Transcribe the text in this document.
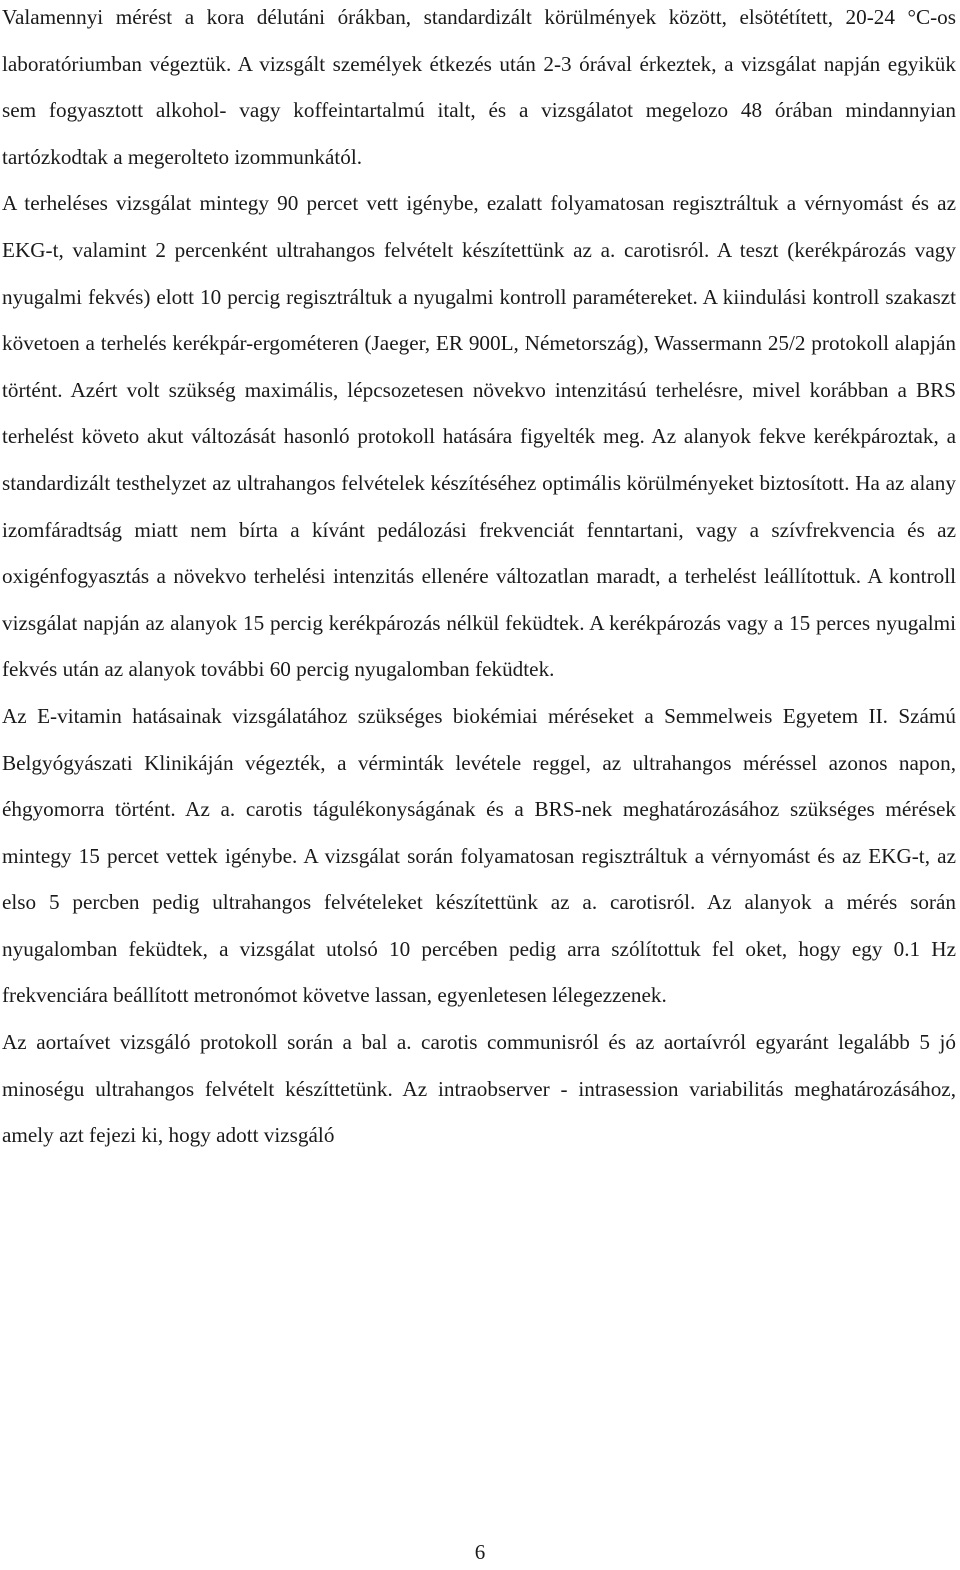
Valamennyi mérést a kora délutáni órákban, standardizált körülmények között, elsötétített, 20-24 °C-os laboratóriumban végeztük. A vizsgált személyek étkezés után 2-3 órával érkeztek, a vizsgálat napján egyikük sem fogyasztott alkohol- vagy koffeintartalmú italt, és a vizsgálatot megelozo 48 órában mindannyian tartózkodtak a megerolteto izommunkától.

A terheléses vizsgálat mintegy 90 percet vett igénybe, ezalatt folyamatosan regisztráltuk a vérnyomást és az EKG-t, valamint 2 percenként ultrahangos felvételt készítettünk az a. carotisról. A teszt (kerékpározás vagy nyugalmi fekvés) elott 10 percig regisztráltuk a nyugalmi kontroll paramétereket. A kiindulási kontroll szakaszt követoen a terhelés kerékpár-ergométeren (Jaeger, ER 900L, Németország), Wassermann 25/2 protokoll alapján történt. Azért volt szükség maximális, lépcsozetesen növekvo intenzitású terhelésre, mivel korábban a BRS terhelést követo akut változását hasonló protokoll hatására figyelték meg. Az alanyok fekve kerékpároztak, a standardizált testhelyzet az ultrahangos felvételek készítéséhez optimális körülményeket biztosított. Ha az alany izomfáradtság miatt nem bírta a kívánt pedálozási frekvenciát fenntartani, vagy a szívfrekvencia és az oxigénfogyasztás a növekvo terhelési intenzitás ellenére változatlan maradt, a terhelést leállítottuk. A kontroll vizsgálat napján az alanyok 15 percig kerékpározás nélkül feküdtek. A kerékpározás vagy a 15 perces nyugalmi fekvés után az alanyok további 60 percig nyugalomban feküdtek.

Az E-vitamin hatásainak vizsgálatához szükséges biokémiai méréseket a Semmelweis Egyetem II. Számú Belgyógyászati Klinikáján végezték, a vérminták levétele reggel, az ultrahangos méréssel azonos napon, éhgyomorra történt. Az a. carotis tágulékonyságának és a BRS-nek meghatározásához szükséges mérések mintegy 15 percet vettek igénybe. A vizsgálat során folyamatosan regisztráltuk a vérnyomást és az EKG-t, az elso 5 percben pedig ultrahangos felvételeket készítettünk az a. carotisról. Az alanyok a mérés során nyugalomban feküdtek, a vizsgálat utolsó 10 percében pedig arra szólítottuk fel oket, hogy egy 0.1 Hz frekvenciára beállított metronómot követve lassan, egyenletesen lélegezzenek.

Az aortaívet vizsgáló protokoll során a bal a. carotis communisról és az aortaívról egyaránt legalább 5 jó minoségu ultrahangos felvételt készíttetünk. Az intraobserver - intrasession variabilitás meghatározásához, amely azt fejezi ki, hogy adott vizsgáló

6
